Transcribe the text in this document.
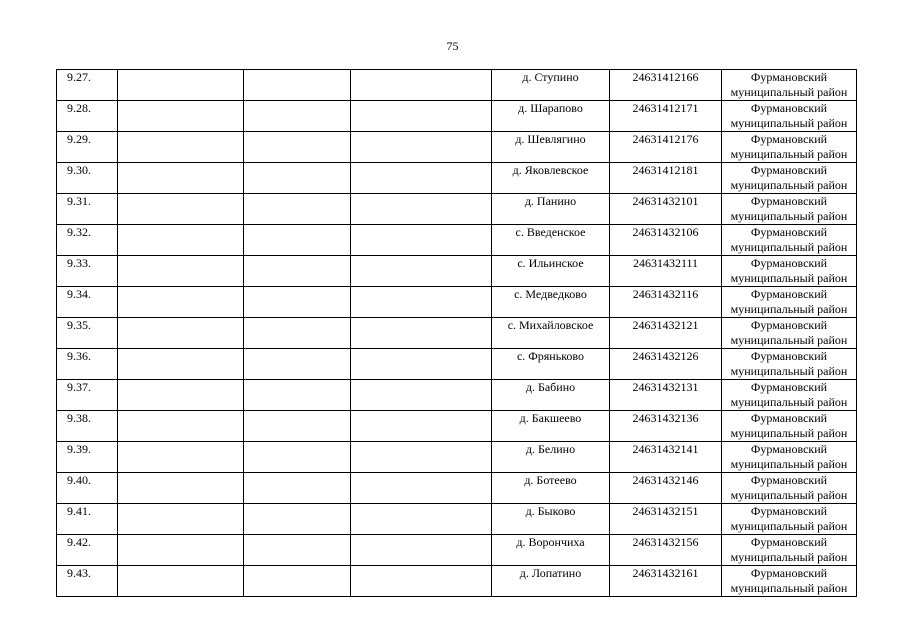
75
9.27.				д. Ступино	24631412166	Фурмановский
муниципальный район

9.28.				д. Шарапово	24631412171	Фурмановский
муниципальный район

9.29.				д. Шевлягино	24631412176	Фурмановский
муниципальный район

9.30.				д. Яковлевское	24631412181	Фурмановский
муниципальный район

9.31.				д. Панино	24631432101	Фурмановский
муниципальный район

9.32.				с. Введенское	24631432106	Фурмановский
муниципальный район

9.33.				с. Ильинское	24631432111	Фурмановский
муниципальный район

9.34.				с. Медведково	24631432116	Фурмановский
муниципальный район

9.35.				с. Михайловское	24631432121	Фурмановский
муниципальный район

9.36.				с. Фряньково	24631432126	Фурмановский
муниципальный район

9.37.				д. Бабино	24631432131	Фурмановский
муниципальный район

9.38.				д. Бакшеево	24631432136	Фурмановский
муниципальный район

9.39.				д. Белино	24631432141	Фурмановский
муниципальный район

9.40.				д. Ботеево	24631432146	Фурмановский
муниципальный район

9.41.				д. Быково	24631432151	Фурмановский
муниципальный район

9.42.				д. Ворончиха	24631432156	Фурмановский
муниципальный район

9.43.				д. Лопатино	24631432161	Фурмановский
муниципальный район
